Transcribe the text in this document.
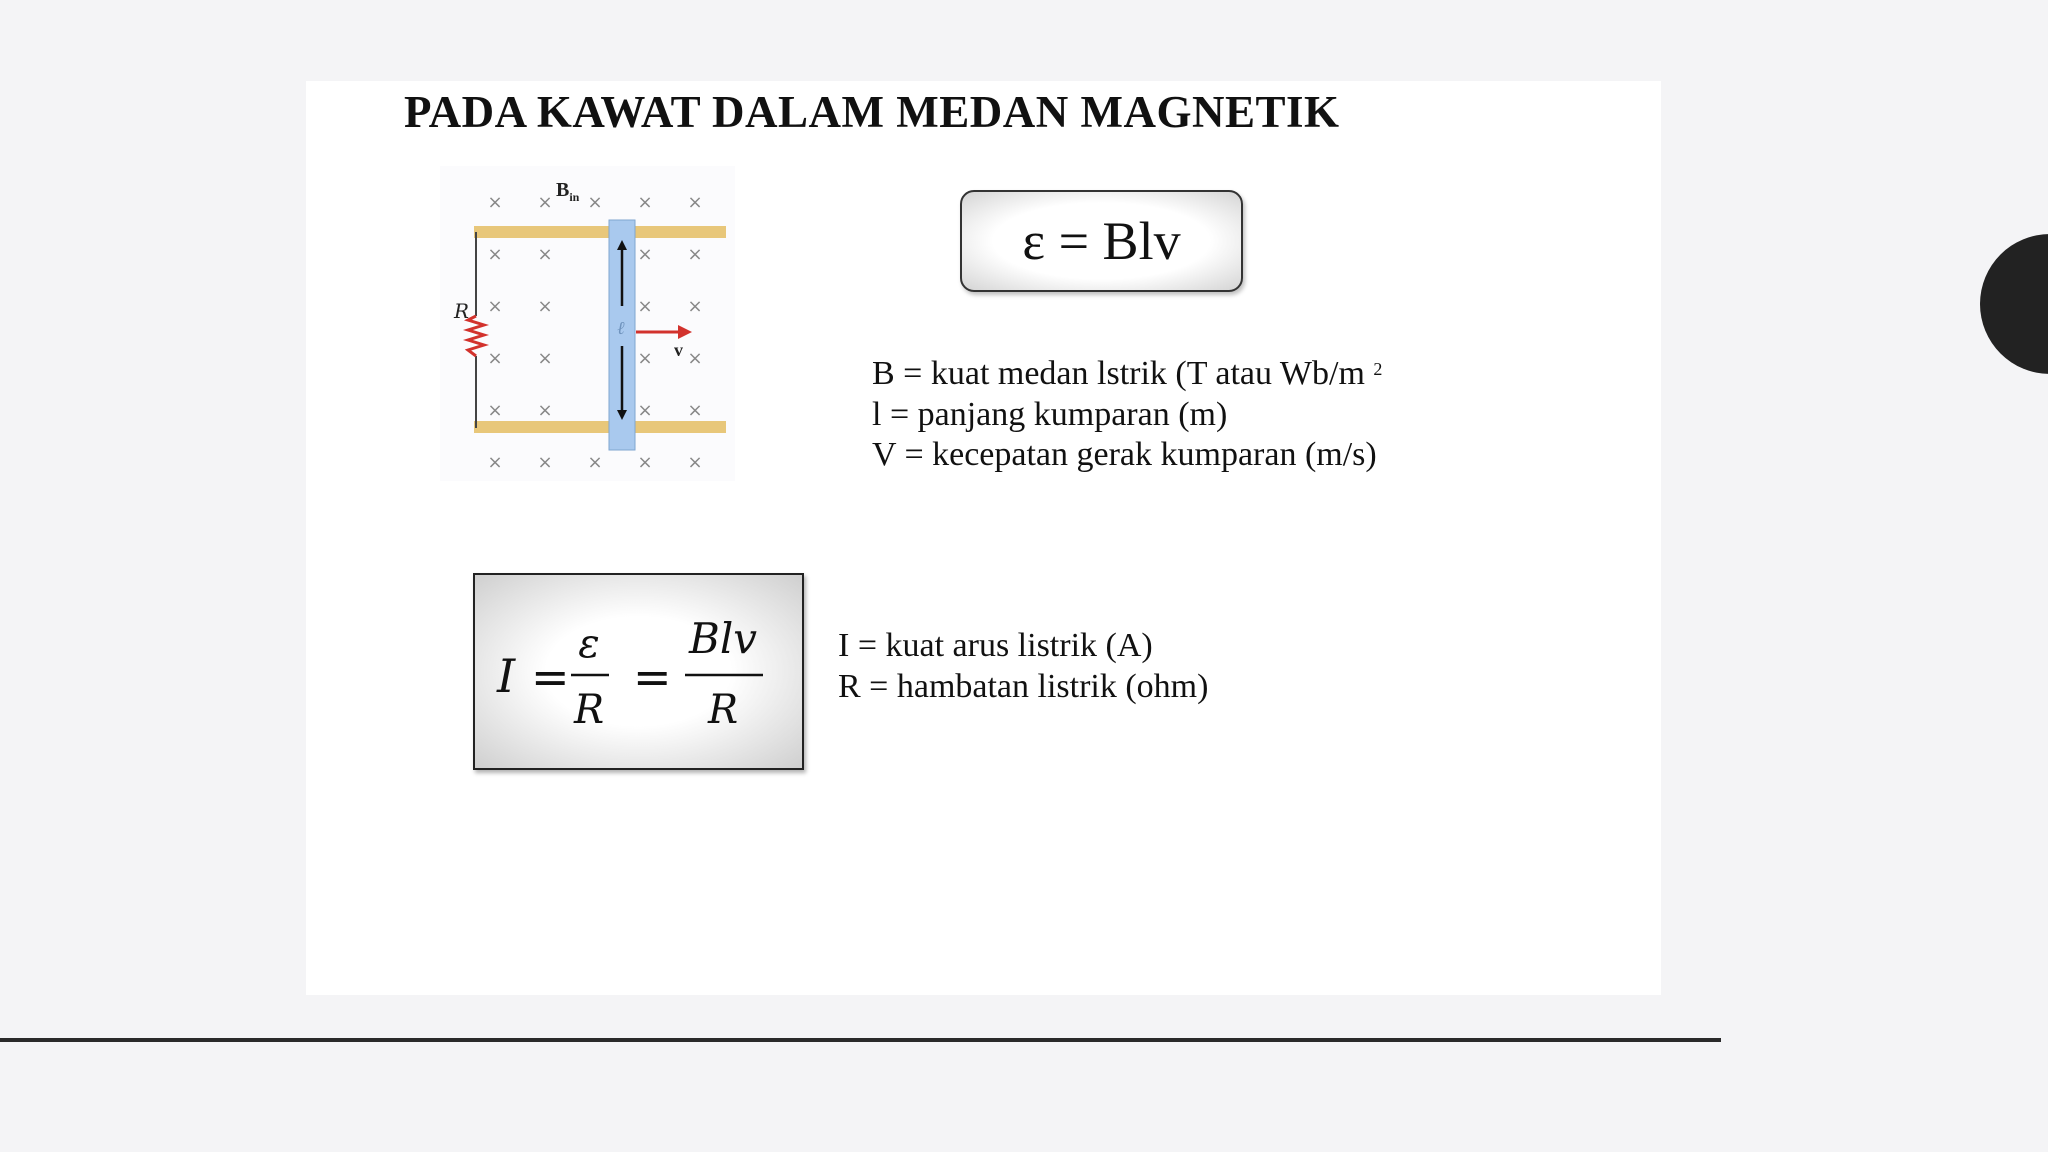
PADA KAWAT DALAM MEDAN MAGNETIK
× × × × ×
× ×	× ×
× ×	× ×
× ×	× ×
× ×	× ×
× × × × ×
R
$B_{in}$
ℓ
v
ε = Blv
B = kuat medan lstrik (T atau Wb/m $^2$
l = panjang kumparan (m)
V = kecepatan gerak kumparan (m/s)
I
ε
R
Blv
R
= =
I = kuat arus listrik (A)
R = hambatan listrik (ohm)
